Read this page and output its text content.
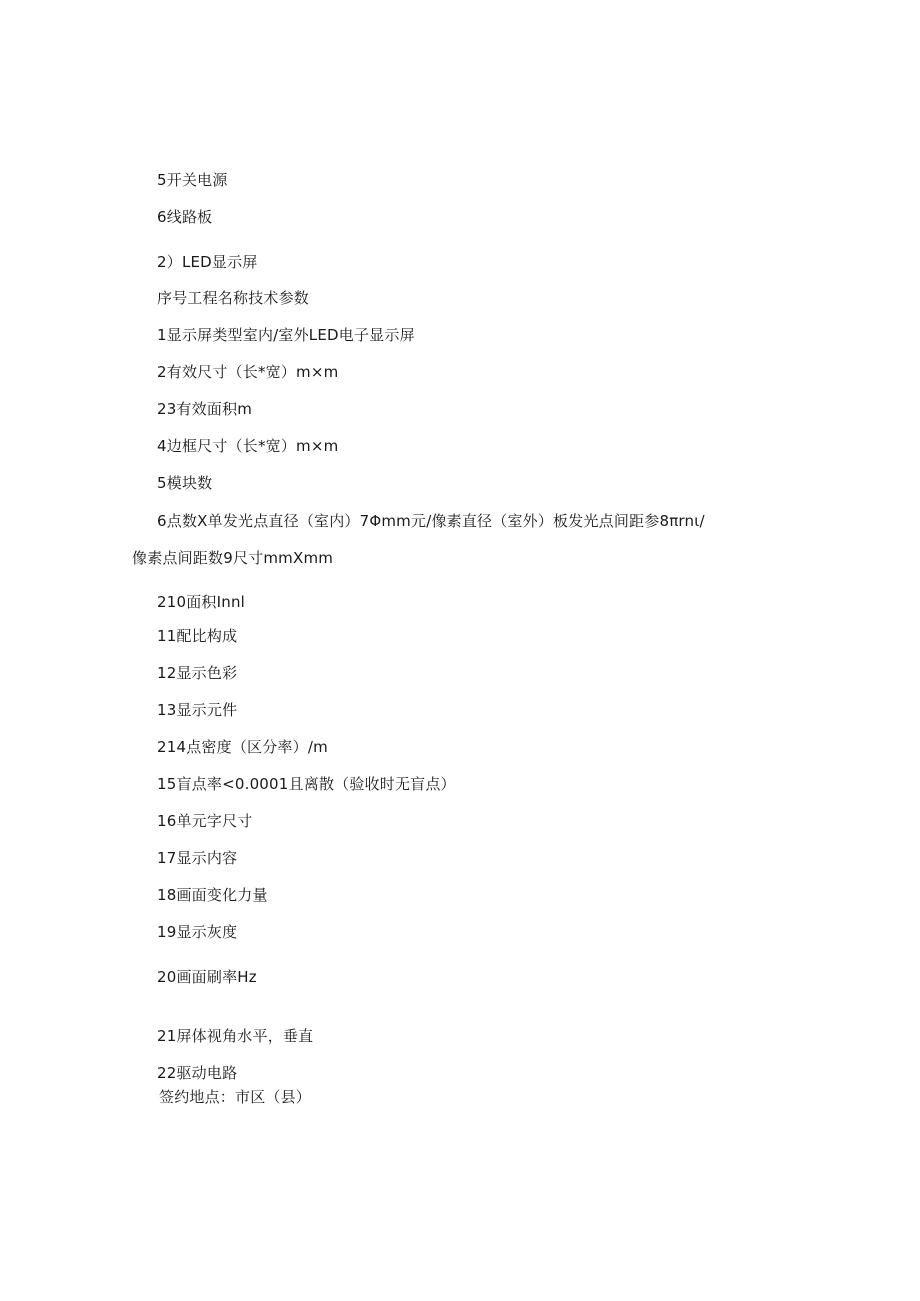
5开关电源
6线路板
2）LED显示屏
序号工程名称技术参数
1显示屏类型室内/室外LED电子显示屏
2有效尺寸（长*宽）m×m
23有效面积m
4边框尺寸（长*宽）m×m
5模块数
6点数X单发光点直径（室内）7Φmm元/像素直径（室外）板发光点间距参8πrnι/
像素点间距数9尺寸mmXmm
210面积Innl
11配比构成
12显示色彩
13显示元件
214点密度（区分率）/m
15盲点率<0.0001且离散（验收时无盲点）
16单元字尺寸
17显示内容
18画面变化力量
19显示灰度
20画面刷率Hz
21屏体视角水平，垂直
22驱动电路
签约地点：市区（县）
